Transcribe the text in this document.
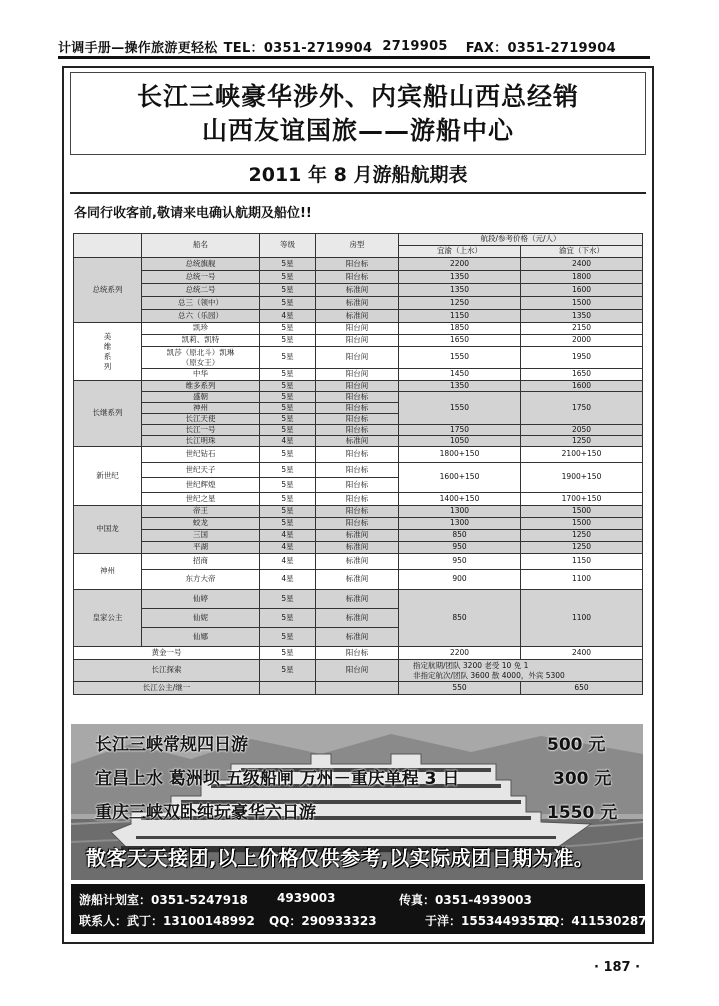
计调手册—操作旅游更轻松 TEL：0351-2719904 2719905 FAX：0351-2719904
长江三峡豪华涉外、内宾船山西总经销
山西友谊国旅——游船中心
2011 年 8 月游船航期表
各同行收客前,敬请来电确认航期及船位!!
	船名	等级	房型	航段/参考价格（元/人）	
				宜渝（上水）	渝宜（下水）
总统系列	总统旗舰	5星	阳台标	2200	2400
	总统一号	5星	阳台标	1350	1800
	总统二号	5星	标准间	1350	1600
	总三（领中）	5星	标准间	1250	1500
	总六（乐园）	4星	标准间	1150	1350
美维系列	凯珍	5星	阳台间	1850	2150
	凯莉、凯特	5星	阳台间	1650	2000
	凯莎（原北斗）凯琳（原女王）	5星	阳台间	1550	1950
	中华	5星	阳台间	1450	1650
长继系列	维多系列	5星	阳台间	1350	1600
	盛朝	5星	阳台标	1550	1750
	神州	5星	阳台标		
	长江天使	5星	阳台标		
	长江一号	5星	阳台标	1750	2050
	长江明珠	4星	标准间	1050	1250
新世纪	世纪钻石	5星	阳台标	1800+150	2100+150
	世纪天子	5星	阳台标	1600+150	1900+150
	世纪辉煌	5星	阳台标		
	世纪之星	5星	阳台标	1400+150	1700+150
中国龙	帝王	5星	阳台标	1300	1500
	蛟龙	5星	阳台标	1300	1500
	三国	4星	标准间	850	1250
	平湖	4星	标准间	950	1250
神州	招商	4星	标准间	950	1150
	东方大帝	4星	标准间	900	1100
皇家公主	仙婷	5星	标准间	850	1100
	仙妮	5星	标准间		
	仙娜	5星	标准间		
黄金一号		5星	阳台标	2200	2400
长江探索		5星	阳台间	指定航期/团队 3200 老受 10 免 1
非指定航次/团队 3600 散 4000，外宾 5300	

长江公主/继一				550	650
长江三峡常规四日游	500 元
宜昌上水 葛洲坝 五级船闸 万州－重庆单程 3 日	300 元
重庆三峡双卧纯玩豪华六日游	1550 元
散客天天接团,以上价格仅供参考,以实际成团日期为准。
游船计划室：0351-5247918 4939003	传真：0351-4939003
联系人：武丁：13100148992 QQ：290933323	于洋：15534493516
QQ：411530287
· 187 ·
